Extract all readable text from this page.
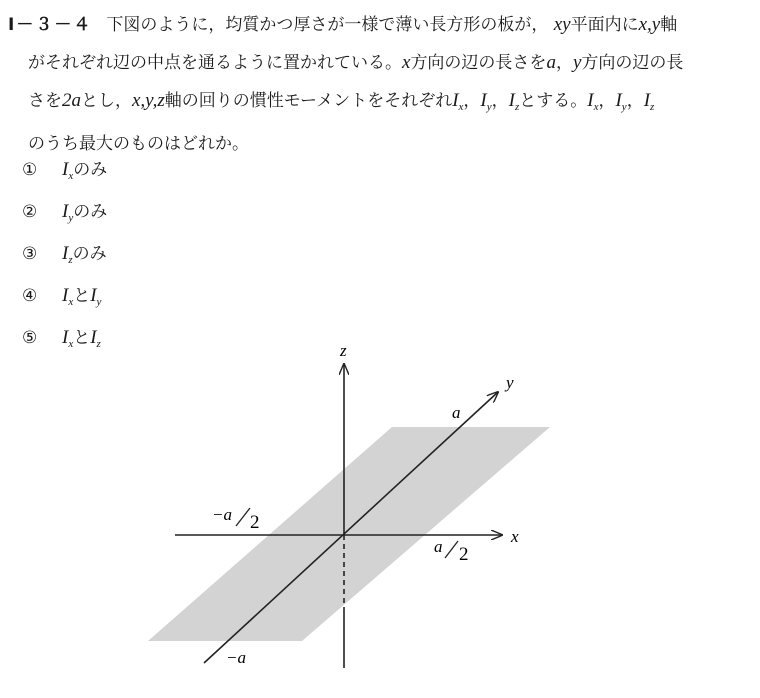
Ⅰ－３－４ 下図のように，均質かつ厚さが一様で薄い長方形の板が， xy平面内にx,y軸
がそれぞれ辺の中点を通るように置かれている。x方向の辺の長さをa，y方向の辺の長
さを2aとし，x,y,z軸の回りの慣性モーメントをそれぞれ$I_x$，$I_y$，$I_z$とする。$I_x$，$I_y$，$I_z$
のうち最大のものはどれか。
① $I_x$のみ
② $I_y$のみ
③ $I_z$のみ
④ $I_x$と$I_y$
⑤ $I_x$と$I_z$	z
y
x
a
−a
−a 2
a 2
